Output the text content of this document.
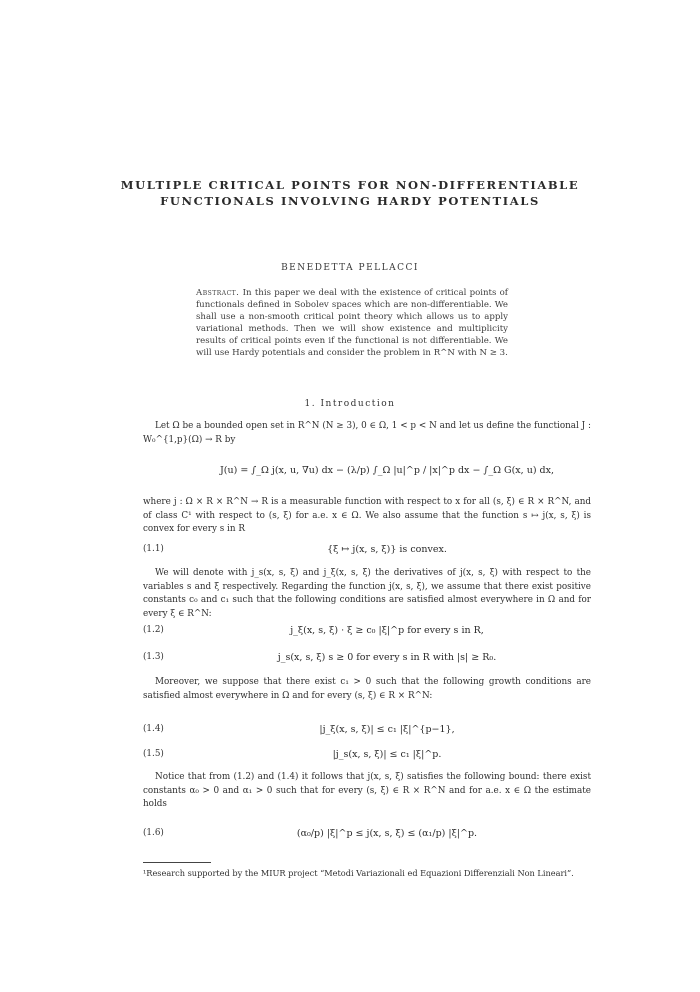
MULTIPLE CRITICAL POINTS FOR NON-DIFFERENTIABLE
FUNCTIONALS INVOLVING HARDY POTENTIALS
BENEDETTA PELLACCI
Abstract. In this paper we deal with the existence of critical points of functionals defined in Sobolev spaces which are non-differentiable. We shall use a non-smooth critical point theory which allows us to apply variational methods. Then we will show existence and multiplicity results of critical points even if the functional is not differentiable. We will use Hardy potentials and consider the problem in R^N with N ≥ 3.
1. Introduction
Let Ω be a bounded open set in R^N (N ≥ 3), 0 ∈ Ω, 1 < p < N and let us define the functional J : W₀^{1,p}(Ω) → R by
J(u) = ∫_Ω j(x, u, ∇u) dx − (λ/p) ∫_Ω |u|^p / |x|^p dx − ∫_Ω G(x, u) dx,
where j : Ω × R × R^N → R is a measurable function with respect to x for all (s, ξ) ∈ R × R^N, and of class C¹ with respect to (s, ξ) for a.e. x ∈ Ω. We also assume that the function s ↦ j(x, s, ξ) is convex for every s in R
(1.1)	{ξ ↦ j(x, s, ξ)} is convex.
We will denote with j_s(x, s, ξ) and j_ξ(x, s, ξ) the derivatives of j(x, s, ξ) with respect to the variables s and ξ respectively. Regarding the function j(x, s, ξ), we assume that there exist positive constants c₀ and c₁ such that the following conditions are satisfied almost everywhere in Ω and for every ξ ∈ R^N:
(1.2)	j_ξ(x, s, ξ) · ξ ≥ c₀ |ξ|^p for every s in R,
(1.3)	j_s(x, s, ξ) s ≥ 0 for every s in R with |s| ≥ R₀.
Moreover, we suppose that there exist c₁ > 0 such that the following growth conditions are satisfied almost everywhere in Ω and for every (s, ξ) ∈ R × R^N:
(1.4)	|j_ξ(x, s, ξ)| ≤ c₁ |ξ|^{p−1},
(1.5)	|j_s(x, s, ξ)| ≤ c₁ |ξ|^p.
Notice that from (1.2) and (1.4) it follows that j(x, s, ξ) satisfies the following bound: there exist constants α₀ > 0 and α₁ > 0 such that for every (s, ξ) ∈ R × R^N and for a.e. x ∈ Ω the estimate holds
(1.6)	(α₀/p) |ξ|^p ≤ j(x, s, ξ) ≤ (α₁/p) |ξ|^p.
¹Research supported by the MIUR project “Metodi Variazionali ed Equazioni Differenziali Non Lineari”.
